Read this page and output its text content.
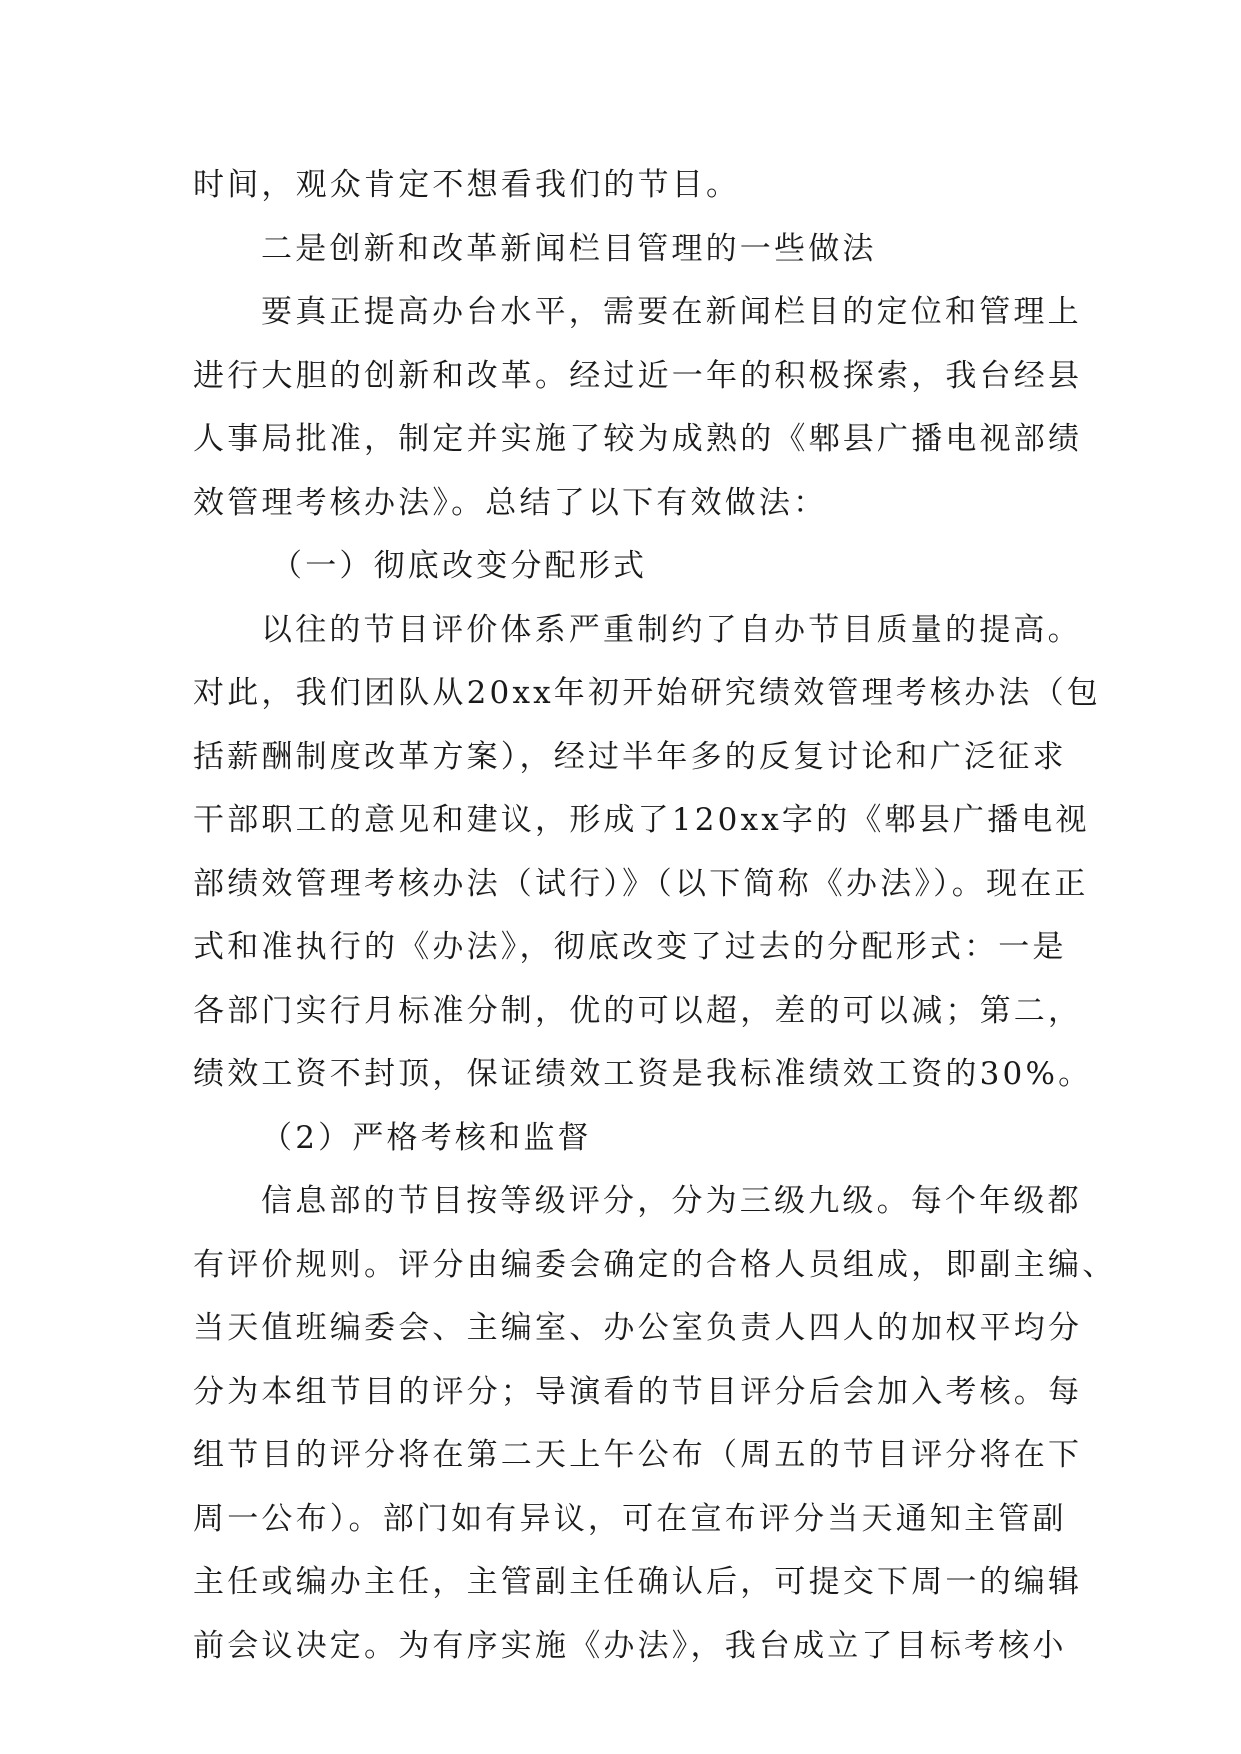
时间，观众肯定不想看我们的节目。
二是创新和改革新闻栏目管理的一些做法
要真正提高办台水平，需要在新闻栏目的定位和管理上
进行大胆的创新和改革。经过近一年的积极探索，我台经县
人事局批准，制定并实施了较为成熟的《郫县广播电视部绩
效管理考核办法》。总结了以下有效做法：
（一）彻底改变分配形式
以往的节目评价体系严重制约了自办节目质量的提高。
对此，我们团队从20xx年初开始研究绩效管理考核办法（包
括薪酬制度改革方案），经过半年多的反复讨论和广泛征求
干部职工的意见和建议，形成了120xx字的《郫县广播电视
部绩效管理考核办法（试行）》（以下简称《办法》）。现在正
式和准执行的《办法》，彻底改变了过去的分配形式：一是
各部门实行月标准分制，优的可以超，差的可以减；第二，
绩效工资不封顶，保证绩效工资是我标准绩效工资的30%。
（2）严格考核和监督
信息部的节目按等级评分，分为三级九级。每个年级都
有评价规则。评分由编委会确定的合格人员组成，即副主编、
当天值班编委会、主编室、办公室负责人四人的加权平均分
分为本组节目的评分；导演看的节目评分后会加入考核。每
组节目的评分将在第二天上午公布（周五的节目评分将在下
周一公布）。部门如有异议，可在宣布评分当天通知主管副
主任或编办主任，主管副主任确认后，可提交下周一的编辑
前会议决定。为有序实施《办法》，我台成立了目标考核小
